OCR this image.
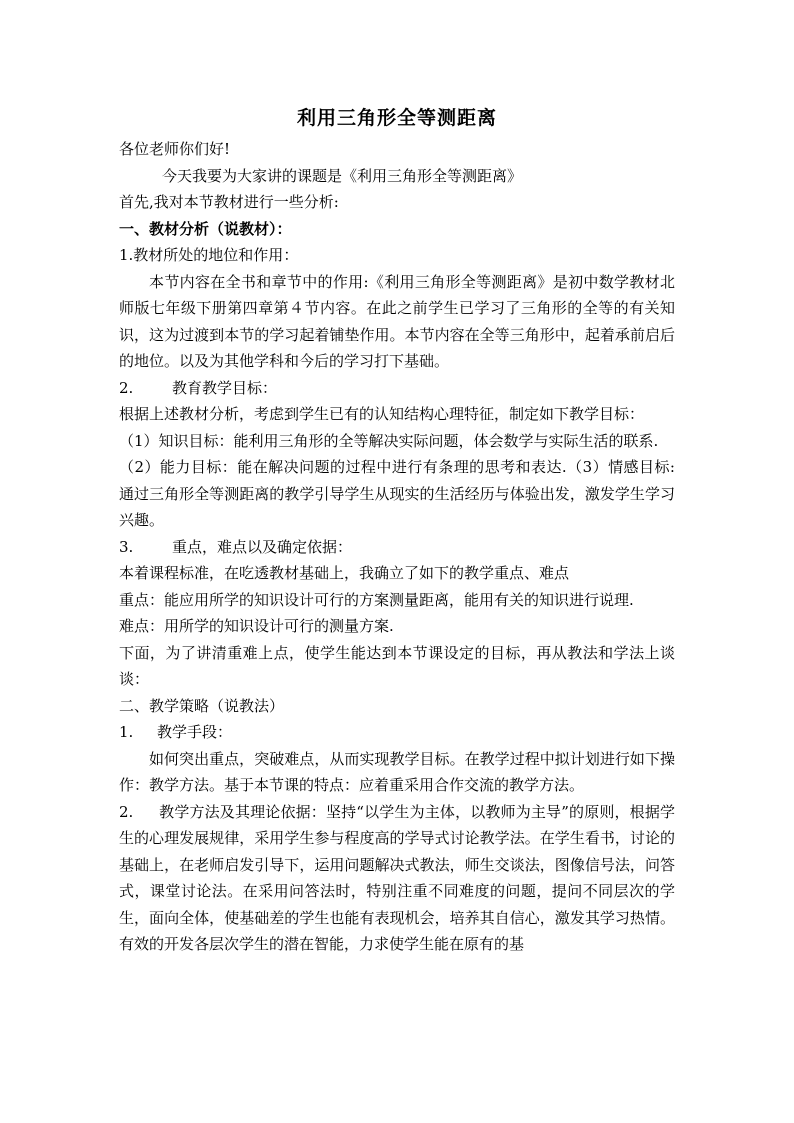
利用三角形全等测距离

各位老师你们好!

今天我要为大家讲的课题是《利用三角形全等测距离》

首先,我对本节教材进行一些分析:

一、教材分析（说教材）：

1.教材所处的地位和作用：

本节内容在全书和章节中的作用:《利用三角形全等测距离》是初中数学教材北师版七年级下册第四章第４节内容。在此之前学生已学习了三角形的全等的有关知识，这为过渡到本节的学习起着铺垫作用。本节内容在全等三角形中，起着承前启后的地位。以及为其他学科和今后的学习打下基础。

2.	教育教学目标：

根据上述教材分析，考虑到学生已有的认知结构心理特征，制定如下教学目标：

（1）知识目标：能利用三角形的全等解决实际问题，体会数学与实际生活的联系.

（2）能力目标：能在解决问题的过程中进行有条理的思考和表达.（3）情感目标: 通过三角形全等测距离的教学引导学生从现实的生活经历与体验出发，激发学生学习兴趣。

3.	重点，难点以及确定依据：

本着课程标准，在吃透教材基础上，我确立了如下的教学重点、难点

重点：能应用所学的知识设计可行的方案测量距离，能用有关的知识进行说理.

难点：用所学的知识设计可行的测量方案.

下面，为了讲清重难上点，使学生能达到本节课设定的目标，再从教法和学法上谈谈：

二、教学策略（说教法）

1. 教学手段：

如何突出重点，突破难点，从而实现教学目标。在教学过程中拟计划进行如下操作：教学方法。基于本节课的特点：应着重采用合作交流的教学方法。

2. 教学方法及其理论依据：坚持“以学生为主体，以教师为主导”的原则，根据学生的心理发展规律，采用学生参与程度高的学导式讨论教学法。在学生看书，讨论的基础上，在老师启发引导下，运用问题解决式教法，师生交谈法，图像信号法，问答式，课堂讨论法。在采用问答法时，特别注重不同难度的问题，提问不同层次的学生，面向全体，使基础差的学生也能有表现机会，培养其自信心，激发其学习热情。有效的开发各层次学生的潜在智能，力求使学生能在原有的基
